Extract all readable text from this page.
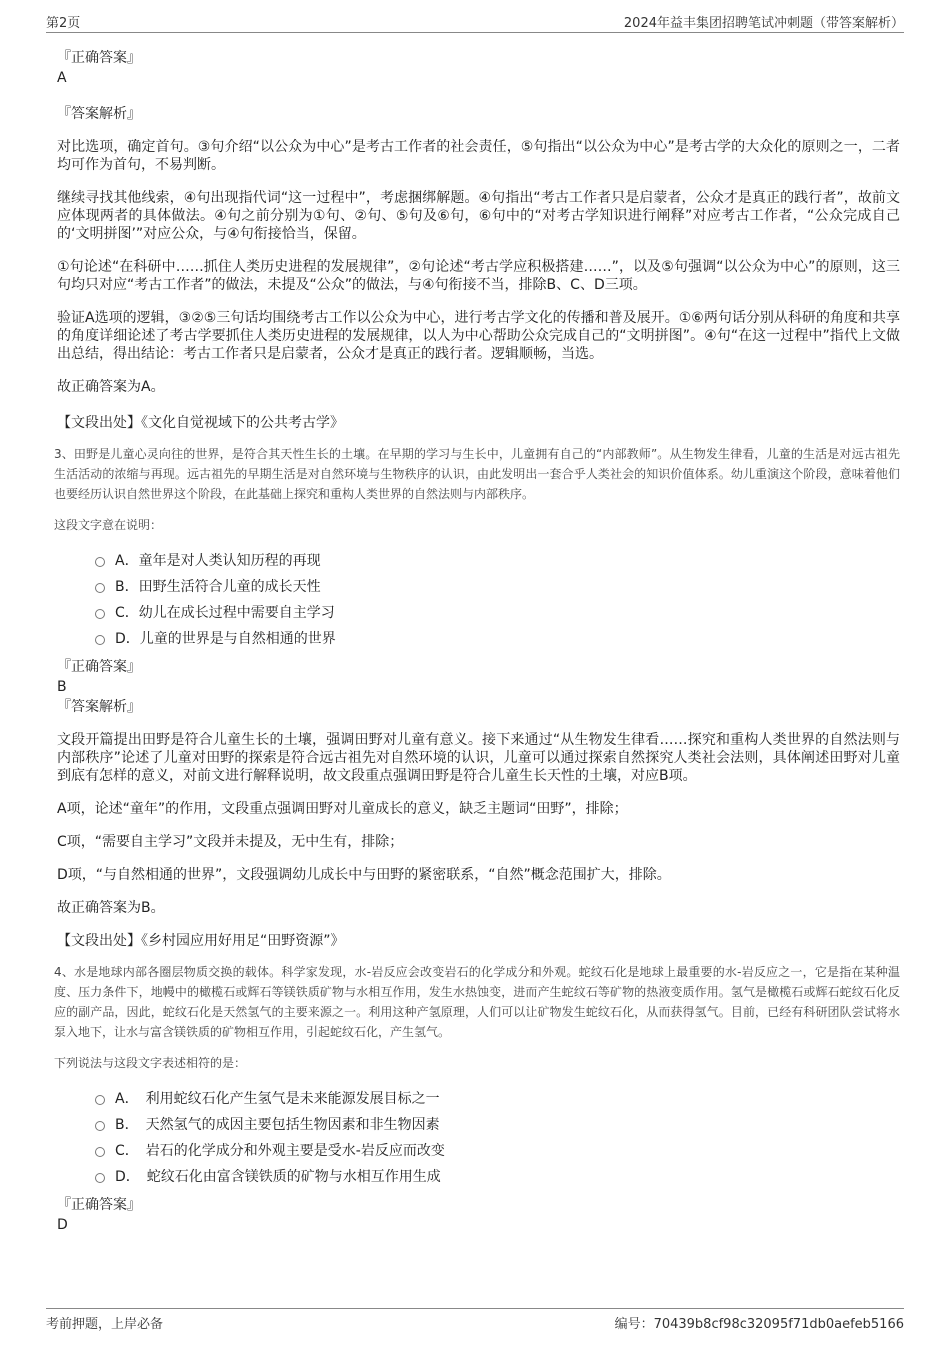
第2页	2024年益丰集团招聘笔试冲刺题（带答案解析）

『正确答案』

A

『答案解析』

对比选项，确定首句。③句介绍“以公众为中心”是考古工作者的社会责任，⑤句指出“以公众为中心”是考古学的大众化的原则之一，二者均可作为首句，不易判断。

继续寻找其他线索，④句出现指代词“这一过程中”，考虑捆绑解题。④句指出“考古工作者只是启蒙者，公众才是真正的践行者”，故前文应体现两者的具体做法。④句之前分别为①句、②句、⑤句及⑥句，⑥句中的“对考古学知识进行阐释”对应考古工作者，“公众完成自己的‘文明拼图’”对应公众，与④句衔接恰当，保留。

①句论述“在科研中……抓住人类历史进程的发展规律”，②句论述“考古学应积极搭建……”，以及⑤句强调“以公众为中心”的原则，这三句均只对应“考古工作者”的做法，未提及“公众”的做法，与④句衔接不当，排除B、C、D三项。

验证A选项的逻辑，③②⑤三句话均围绕考古工作以公众为中心，进行考古学文化的传播和普及展开。①⑥两句话分别从科研的角度和共享的角度详细论述了考古学要抓住人类历史进程的发展规律，以人为中心帮助公众完成自己的“文明拼图”。④句“在这一过程中”指代上文做出总结，得出结论：考古工作者只是启蒙者，公众才是真正的践行者。逻辑顺畅，当选。

故正确答案为A。

【文段出处】《文化自觉视域下的公共考古学》

3、田野是儿童心灵向往的世界，是符合其天性生长的土壤。在早期的学习与生长中，儿童拥有自己的“内部教师”。从生物发生律看，儿童的生活是对远古祖先生活活动的浓缩与再现。远古祖先的早期生活是对自然环境与生物秩序的认识，由此发明出一套合乎人类社会的知识价值体系。幼儿重演这个阶段，意味着他们也要经历认识自然世界这个阶段，在此基础上探究和重构人类世界的自然法则与内部秩序。

这段文字意在说明：

A．童年是对人类认知历程的再现
B．田野生活符合儿童的成长天性
C．幼儿在成长过程中需要自主学习
D．儿童的世界是与自然相通的世界

『正确答案』

B

『答案解析』

文段开篇提出田野是符合儿童生长的土壤，强调田野对儿童有意义。接下来通过“从生物发生律看……探究和重构人类世界的自然法则与内部秩序”论述了儿童对田野的探索是符合远古祖先对自然环境的认识，儿童可以通过探索自然探究人类社会法则，具体阐述田野对儿童到底有怎样的意义，对前文进行解释说明，故文段重点强调田野是符合儿童生长天性的土壤，对应B项。

A项，论述“童年”的作用，文段重点强调田野对儿童成长的意义，缺乏主题词“田野”，排除；

C项，“需要自主学习”文段并未提及，无中生有，排除；

D项，“与自然相通的世界”，文段强调幼儿成长中与田野的紧密联系，“自然”概念范围扩大，排除。

故正确答案为B。

【文段出处】《乡村园应用好用足“田野资源”》

4、水是地球内部各圈层物质交换的载体。科学家发现，水-岩反应会改变岩石的化学成分和外观。蛇纹石化是地球上最重要的水-岩反应之一，它是指在某种温度、压力条件下，地幔中的橄榄石或辉石等镁铁质矿物与水相互作用，发生水热蚀变，进而产生蛇纹石等矿物的热液变质作用。氢气是橄榄石或辉石蛇纹石化反应的副产品，因此，蛇纹石化是天然氢气的主要来源之一。利用这种产氢原理，人们可以让矿物发生蛇纹石化，从而获得氢气。目前，已经有科研团队尝试将水泵入地下，让水与富含镁铁质的矿物相互作用，引起蛇纹石化，产生氢气。

下列说法与这段文字表述相符的是：

A．　利用蛇纹石化产生氢气是未来能源发展目标之一
B．　天然氢气的成因主要包括生物因素和非生物因素
C．　岩石的化学成分和外观主要是受水-岩反应而改变
D．　蛇纹石化由富含镁铁质的矿物与水相互作用生成

『正确答案』

D

考前押题，上岸必备	编号：70439b8cf98c32095f71db0aefeb5166
